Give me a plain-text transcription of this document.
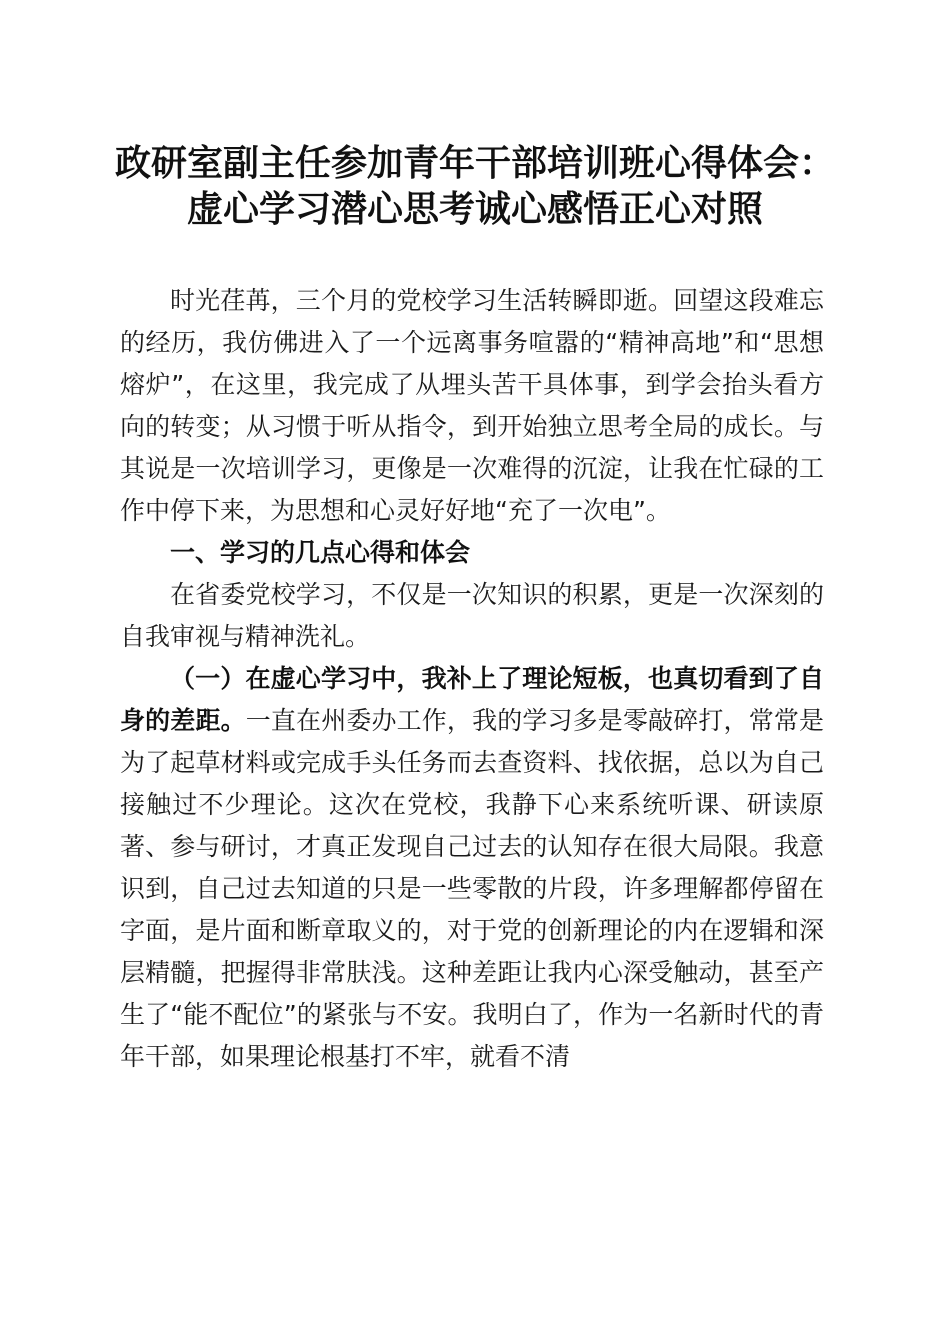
政研室副主任参加青年干部培训班心得体会：
虚心学习潜心思考诚心感悟正心对照

时光荏苒，三个月的党校学习生活转瞬即逝。回望这段难忘的经历，我仿佛进入了一个远离事务喧嚣的“精神高地”和“思想熔炉”，在这里，我完成了从埋头苦干具体事，到学会抬头看方向的转变；从习惯于听从指令，到开始独立思考全局的成长。与其说是一次培训学习，更像是一次难得的沉淀，让我在忙碌的工作中停下来，为思想和心灵好好地“充了一次电”。

一、学习的几点心得和体会

在省委党校学习，不仅是一次知识的积累，更是一次深刻的自我审视与精神洗礼。

（一）在虚心学习中，我补上了理论短板，也真切看到了自身的差距。一直在州委办工作，我的学习多是零敲碎打，常常是为了起草材料或完成手头任务而去查资料、找依据，总以为自己接触过不少理论。这次在党校，我静下心来系统听课、研读原著、参与研讨，才真正发现自己过去的认知存在很大局限。我意识到，自己过去知道的只是一些零散的片段，许多理解都停留在字面，是片面和断章取义的，对于党的创新理论的内在逻辑和深层精髓，把握得非常肤浅。这种差距让我内心深受触动，甚至产生了“能不配位”的紧张与不安。我明白了，作为一名新时代的青年干部，如果理论根基打不牢，就看不清
